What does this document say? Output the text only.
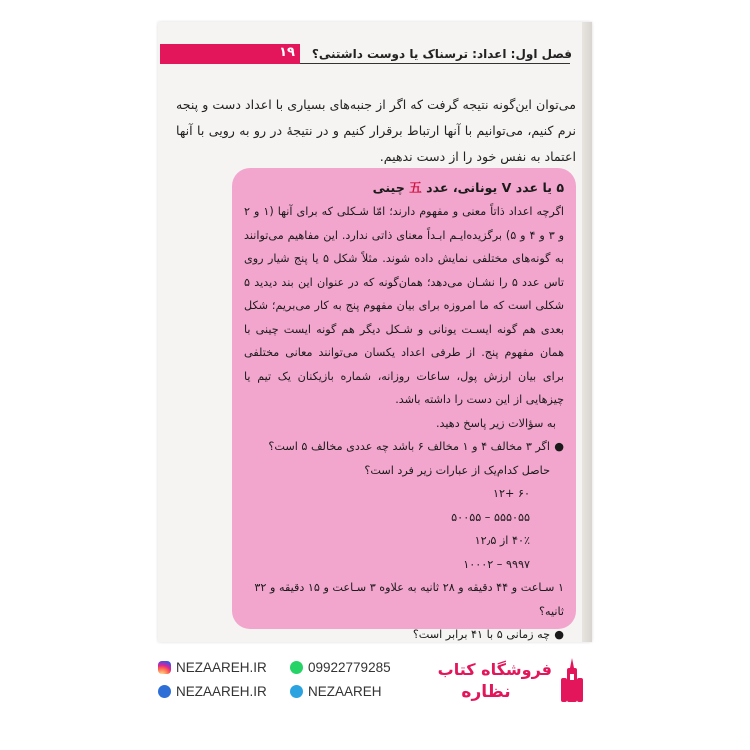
۱۹	فصل اول: اعداد: ترسناک یا دوست داشتنی؟

می‌توان این‌گونه نتیجه گرفت که اگر از جنبه‌های بسیاری با اعداد دست و پنجه نرم کنیم، می‌توانیم با آنها ارتباط برقرار کنیم و در نتیجهٔ در رو به رویی با آنها اعتماد به نفس خود را از دست ندهیم.

۵ یا عدد V یونانی، عدد 五 چینی

اگرچه اعداد ذاتاً معنی و مفهوم دارند؛ امّا شـکلی که برای آنها (۱ و ۲ و ۳ و ۴ و ۵) برگزیده‌ایـم ابـداً معنای ذاتی ندارد. این مفاهیم می‌توانند به گونه‌های مختلفی نمایش داده شوند. مثلاً شکل ۵ یا پنج شیار روی تاس عدد ۵ را نشـان می‌دهد؛ همان‌گونه که در عنوان این بند دیدید ۵ شکلی است که ما امروزه برای بیان مفهوم پنج به کار می‌بریم؛ شکل بعدی هم گونه ایسـت یونانی و شـکل دیگر هم گونه ایست چینی با همان مفهوم پنج. از طرفی اعداد یکسان می‌توانند معانی مختلفی برای بیان ارزش پول، ساعات روزانه، شماره بازیکنان یک تیم یا چیزهایی از این دست را داشته باشد.

به سؤالات زیر پاسخ دهید.

●
اگر ۳ مخالف ۴ و ۱ مخالف ۶ باشد چه عددی مخالف ۵ است؟

حاصل کدام‌یک از عبارات زیر فرد است؟

۶۰ +۱۲

۵۵۵۰۵۵ – ۵۰۰۵۵

۴۰٪ از ۱۲٫۵

۹۹۹۷ – ۱۰۰۰۲

۱ سـاعت و ۴۴ دقیقه و ۲۸ ثانیه به علاوه ۳ سـاعت و ۱۵ دقیقه و ۳۲ ثانیه؟

●
چه زمانی ۵ با ۴۱ برابر است؟
فروشگاه کتاب
نظاره
NEZAAREH.IR	09922779285
NEZAAREH.IR	NEZAAREH
